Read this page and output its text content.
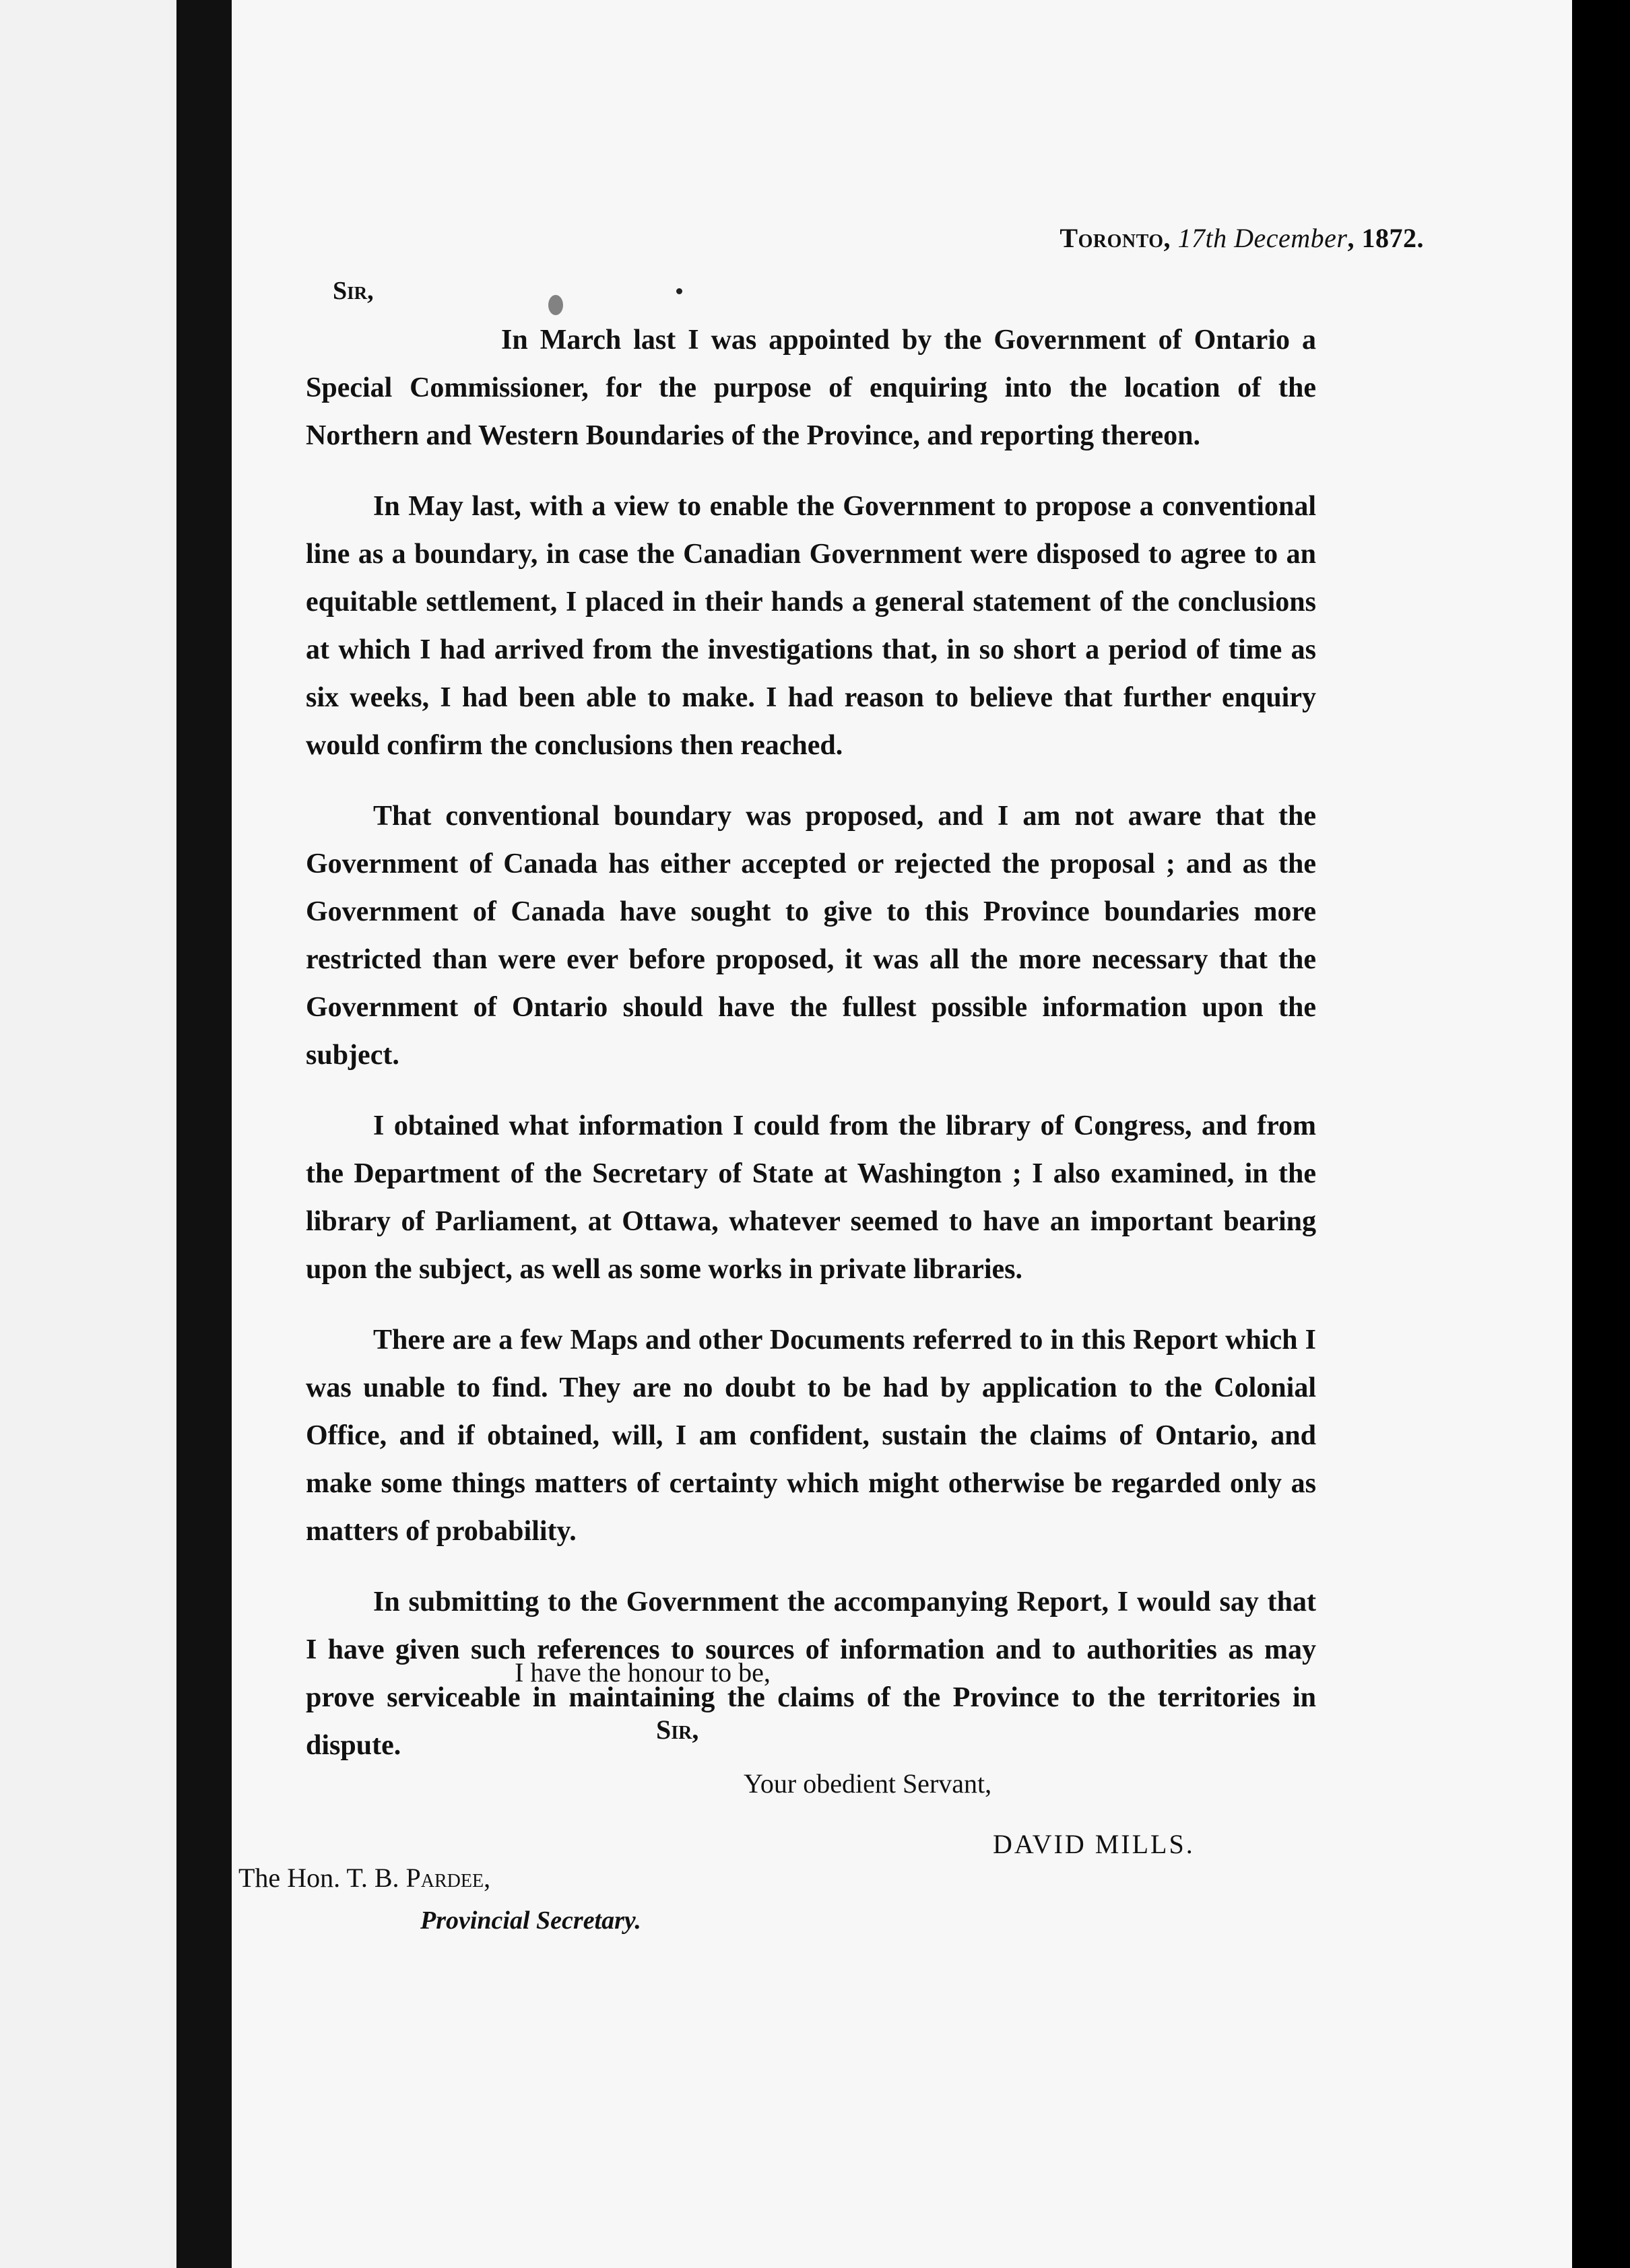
Toronto, 17th December, 1872.
Sir,

In March last I was appointed by the Government of Ontario a Special Commissioner, for the purpose of enquiring into the location of the Northern and Western Boundaries of the Province, and reporting thereon.

In May last, with a view to enable the Government to propose a conventional line as a boundary, in case the Canadian Government were disposed to agree to an equitable settlement, I placed in their hands a general statement of the conclusions at which I had arrived from the investigations that, in so short a period of time as six weeks, I had been able to make. I had reason to believe that further enquiry would confirm the conclusions then reached.

That conventional boundary was proposed, and I am not aware that the Government of Canada has either accepted or rejected the proposal ; and as the Government of Canada have sought to give to this Province boundaries more restricted than were ever before proposed, it was all the more necessary that the Government of Ontario should have the fullest possible information upon the subject.

I obtained what information I could from the library of Congress, and from the Department of the Secretary of State at Washington ; I also examined, in the library of Parliament, at Ottawa, whatever seemed to have an important bearing upon the subject, as well as some works in private libraries.

There are a few Maps and other Documents referred to in this Report which I was unable to find. They are no doubt to be had by application to the Colonial Office, and if obtained, will, I am confident, sustain the claims of Ontario, and make some things matters of certainty which might otherwise be regarded only as matters of probability.

In submitting to the Government the accompanying Report, I would say that I have given such references to sources of information and to authorities as may prove serviceable in maintaining the claims of the Province to the territories in dispute.

I have the honour to be,
Sir,
Your obedient Servant,
DAVID MILLS.
The Hon. T. B. Pardee,
Provincial Secretary.
